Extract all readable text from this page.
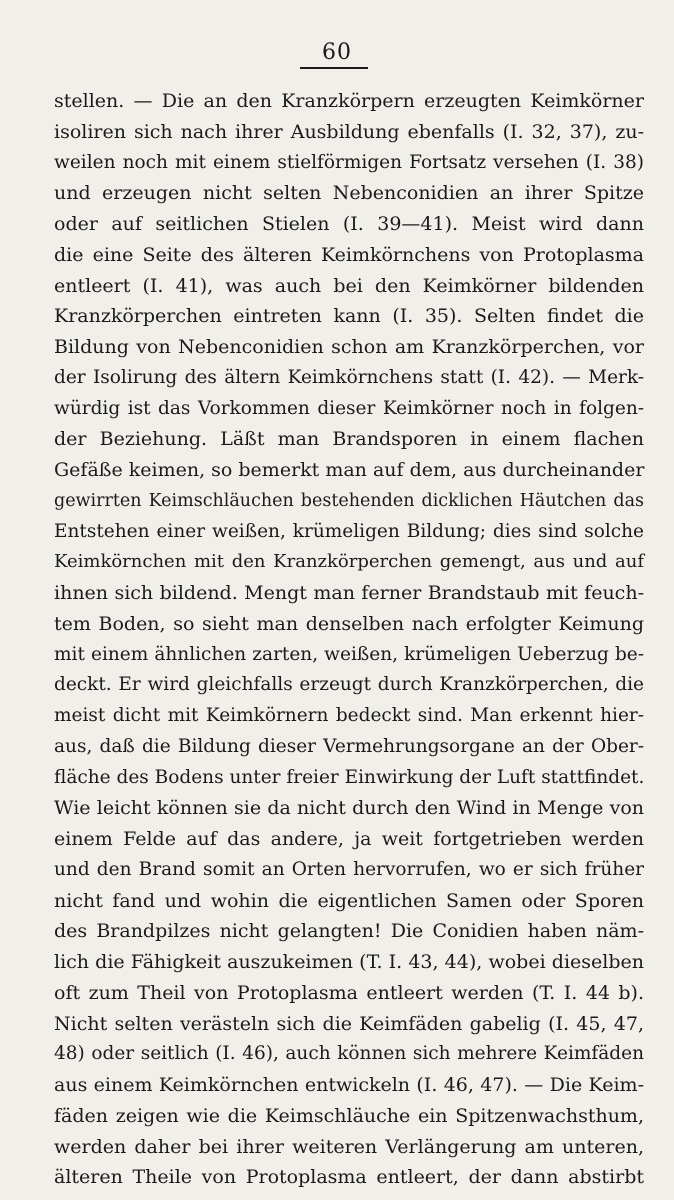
60
stellen. — Die an den Kranzkörpern erzeugten Keimkörner
isoliren sich nach ihrer Ausbildung ebenfalls (I. 32, 37), zu-
weilen noch mit einem stielförmigen Fortsatz versehen (I. 38)
und erzeugen nicht selten Nebenconidien an ihrer Spitze
oder auf seitlichen Stielen (I. 39—41). Meist wird dann
die eine Seite des älteren Keimkörnchens von Protoplasma
entleert (I. 41), was auch bei den Keimkörner bildenden
Kranzkörperchen eintreten kann (I. 35). Selten findet die
Bildung von Nebenconidien schon am Kranzkörperchen, vor
der Isolirung des ältern Keimkörnchens statt (I. 42). — Merk-
würdig ist das Vorkommen dieser Keimkörner noch in folgen-
der Beziehung. Läßt man Brandsporen in einem flachen
Gefäße keimen, so bemerkt man auf dem, aus durcheinander
gewirrten Keimschläuchen bestehenden dicklichen Häutchen das
Entstehen einer weißen, krümeligen Bildung; dies sind solche
Keimkörnchen mit den Kranzkörperchen gemengt, aus und auf
ihnen sich bildend. Mengt man ferner Brandstaub mit feuch-
tem Boden, so sieht man denselben nach erfolgter Keimung
mit einem ähnlichen zarten, weißen, krümeligen Ueberzug be-
deckt. Er wird gleichfalls erzeugt durch Kranzkörperchen, die
meist dicht mit Keimkörnern bedeckt sind. Man erkennt hier-
aus, daß die Bildung dieser Vermehrungsorgane an der Ober-
fläche des Bodens unter freier Einwirkung der Luft stattfindet.
Wie leicht können sie da nicht durch den Wind in Menge von
einem Felde auf das andere, ja weit fortgetrieben werden
und den Brand somit an Orten hervorrufen, wo er sich früher
nicht fand und wohin die eigentlichen Samen oder Sporen
des Brandpilzes nicht gelangten! Die Conidien haben näm-
lich die Fähigkeit auszukeimen (T. I. 43, 44), wobei dieselben
oft zum Theil von Protoplasma entleert werden (T. I. 44 b).
Nicht selten verästeln sich die Keimfäden gabelig (I. 45, 47,
48) oder seitlich (I. 46), auch können sich mehrere Keimfäden
aus einem Keimkörnchen entwickeln (I. 46, 47). — Die Keim-
fäden zeigen wie die Keimschläuche ein Spitzenwachsthum,
werden daher bei ihrer weiteren Verlängerung am unteren,
älteren Theile von Protoplasma entleert, der dann abstirbt
